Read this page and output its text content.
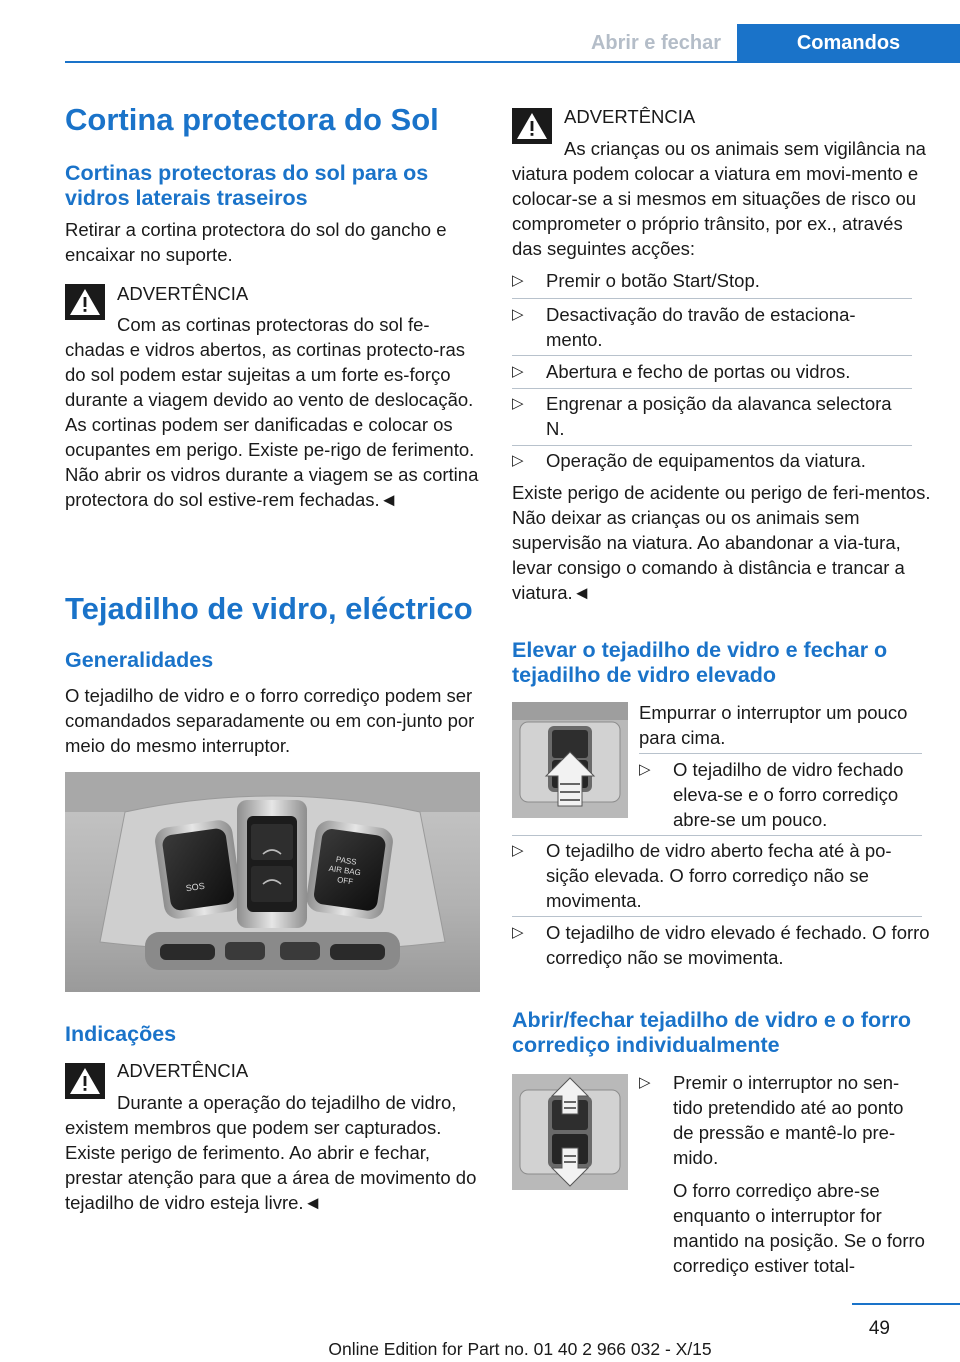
Abrir e fechar	Comandos
Cortina protectora do Sol
Cortinas protectoras do sol para os vidros laterais traseiros
Retirar a cortina protectora do sol do gancho e encaixar no suporte.
ADVERTÊNCIA
Com as cortinas protectoras do sol fe-chadas e vidros abertos, as cortinas protecto-ras do sol podem estar sujeitas a um forte es-forço durante a viagem devido ao vento de deslocação. As cortinas podem ser danificadas e colocar os ocupantes em perigo. Existe pe-rigo de ferimento. Não abrir os vidros durante a viagem se as cortina protectora do sol estive-rem fechadas.◄
Tejadilho de vidro, eléctrico
Generalidades
O tejadilho de vidro e o forro corrediço podem ser comandados separadamente ou em con-junto por meio do mesmo interruptor.
SOS
PASS
AIR BAG
OFF
Indicações
ADVERTÊNCIA
Durante a operação do tejadilho de vidro, existem membros que podem ser capturados. Existe perigo de ferimento. Ao abrir e fechar, prestar atenção para que a área de movimento do tejadilho de vidro esteja livre.◄
ADVERTÊNCIA
As crianças ou os animais sem vigilância na viatura podem colocar a viatura em movi-mento e colocar-se a si mesmos em situações de risco ou comprometer o próprio trânsito, por ex., através das seguintes acções:
▷ Premir o botão Start/Stop.
▷ Desactivação do travão de estaciona-mento.
▷ Abertura e fecho de portas ou vidros.
▷ Engrenar a posição da alavanca selectora N.
▷ Operação de equipamentos da viatura.
Existe perigo de acidente ou perigo de feri-mentos. Não deixar as crianças ou os animais sem supervisão na viatura. Ao abandonar a via-tura, levar consigo o comando à distância e trancar a viatura.◄
Elevar o tejadilho de vidro e fechar o tejadilho de vidro elevado
Empurrar o interruptor um pouco para cima.
▷ O tejadilho de vidro fechado eleva-se e o forro corrediço abre-se um pouco.
▷ O tejadilho de vidro aberto fecha até à po-sição elevada. O forro corrediço não se movimenta.
▷ O tejadilho de vidro elevado é fechado. O forro corrediço não se movimenta.
Abrir/fechar tejadilho de vidro e o forro corrediço individualmente
▷ Premir o interruptor no sen-tido pretendido até ao ponto de pressão e mantê-lo pre-mido.
O forro corrediço abre-se enquanto o interruptor for mantido na posição. Se o forro corrediço estiver total-
49
Online Edition for Part no. 01 40 2 966 032 - X/15
